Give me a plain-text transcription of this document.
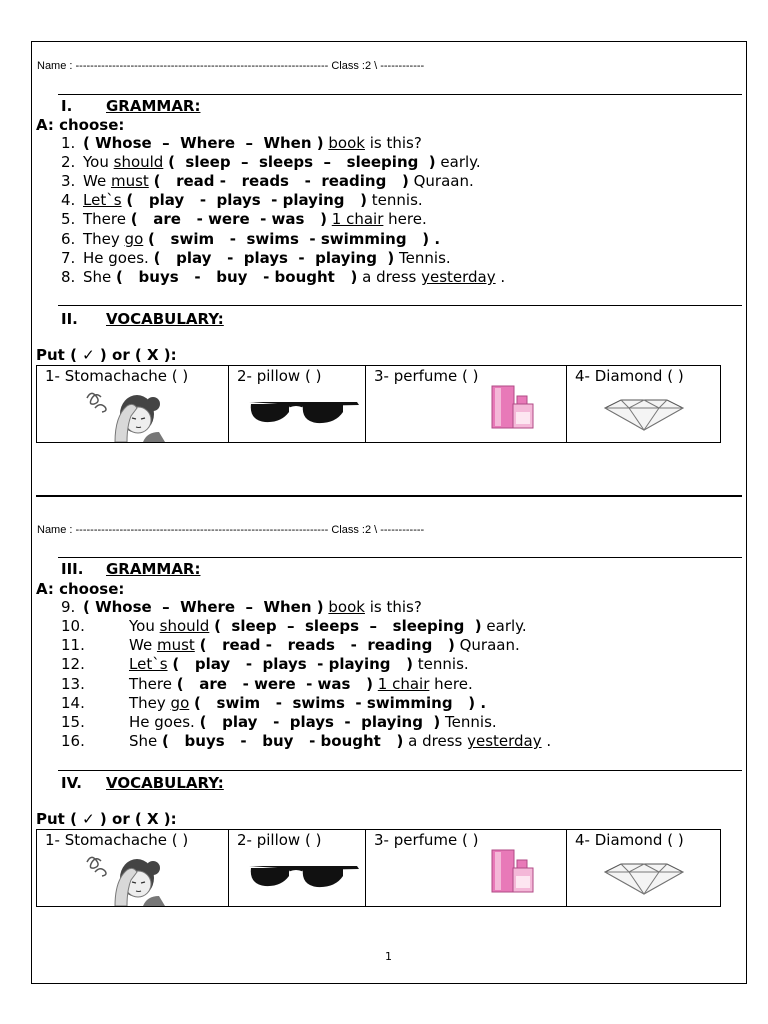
Name : --------------------------------------------------------------------- Class :2 \ ------------
I. GRAMMAR:
A: choose:
1. ( Whose  –  Where  –  When ) book is this?
2. You should (  sleep  –  sleeps  –   sleeping  ) early.
3. We must (   read -   reads   -  reading   ) Quraan.
4. Let`s (   play   -  plays  - playing   ) tennis.
5. There (   are   - were  - was   ) 1 chair here.
6. They go (   swim   -  swims  - swimming   ) .
7. He goes. (   play   -  plays  -  playing  ) Tennis.
8. She (   buys   -   buy   - bought   ) a dress yesterday .
II. VOCABULARY:
Put ( ✓ ) or ( X ):
1- Stomachache ( )	2- pillow ( )	3- perfume ( )	4- Diamond ( )
Name : --------------------------------------------------------------------- Class :2 \ ------------
III. GRAMMAR:
A: choose:
9. ( Whose  –  Where  –  When ) book is this?
10.	You should (  sleep  –  sleeps  –   sleeping  ) early.
11.	We must (   read -   reads   -  reading   ) Quraan.
12.	Let`s (   play   -  plays  - playing   ) tennis.
13.	There (   are   - were  - was   ) 1 chair here.
14.	They go (   swim   -  swims  - swimming   ) .
15.	He goes. (   play   -  plays  -  playing  ) Tennis.
16.	She (   buys   -   buy   - bought   ) a dress yesterday .
IV. VOCABULARY:
Put ( ✓ ) or ( X ):
1- Stomachache ( )	2- pillow ( )	3- perfume ( )	4- Diamond ( )
1
